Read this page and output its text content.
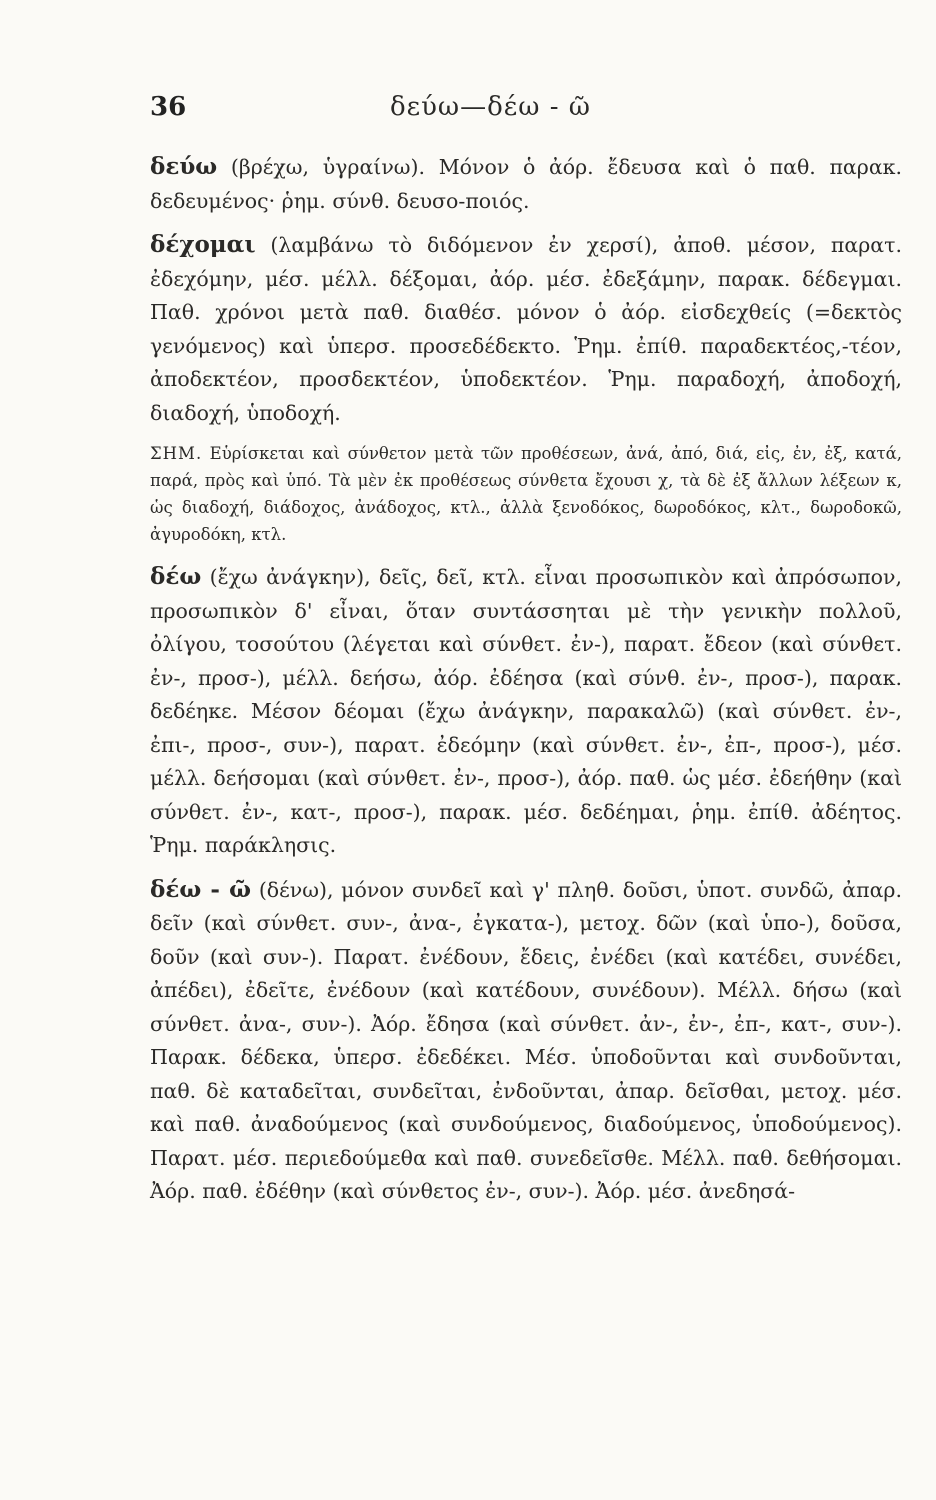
36	δεύω—δέω - ῶ

δεύω (βρέχω, ὑγραίνω). Μόνον ὁ ἀόρ. ἔδευσα καὶ ὁ παθ. παρακ. δεδευμένος· ῥημ. σύνθ. δευσο-ποιός.

δέχομαι (λαμβάνω τὸ διδόμενον ἐν χερσί), ἀποθ. μέσον, παρατ. ἐδεχόμην, μέσ. μέλλ. δέξομαι, ἀόρ. μέσ. ἐδεξάμην, παρακ. δέδεγμαι. Παθ. χρόνοι μετὰ παθ. διαθέσ. μόνον ὁ ἀόρ. εἰσδεχθείς (=δεκτὸς γενόμενος) καὶ ὑπερσ. προσεδέδεκτο. Ῥημ. ἐπίθ. παραδεκτέος,-τέον, ἀποδεκτέον, προσδεκτέον, ὑποδεκτέον. Ῥημ. παραδοχή, ἀποδοχή, διαδοχή, ὑποδοχή.

ΣΗΜ. Εὑρίσκεται καὶ σύνθετον μετὰ τῶν προθέσεων, ἀνά, ἀπό, διά, εἰς, ἐν, ἐξ, κατά, παρά, πρὸς καὶ ὑπό. Τὰ μὲν ἐκ προθέσεως σύνθετα ἔχουσι χ, τὰ δὲ ἐξ ἄλλων λέξεων κ, ὡς διαδοχή, διάδοχος, ἀνάδοχος, κτλ., ἀλλὰ ξενοδόκος, δωροδόκος, κλτ., δωροδοκῶ, ἀγυροδόκη, κτλ.

δέω (ἔχω ἀνάγκην), δεῖς, δεῖ, κτλ. εἶναι προσωπικὸν καὶ ἀπρόσωπον, προσωπικὸν δ' εἶναι, ὅταν συντάσσηται μὲ τὴν γενικὴν πολλοῦ, ὀλίγου, τοσούτου (λέγεται καὶ σύνθετ. ἐν-), παρατ. ἔδεον (καὶ σύνθετ. ἐν-, προσ-), μέλλ. δεήσω, ἀόρ. ἐδέησα (καὶ σύνθ. ἐν-, προσ-), παρακ. δεδέηκε. Μέσον δέομαι (ἔχω ἀνάγκην, παρακαλῶ) (καὶ σύνθετ. ἐν-, ἐπι-, προσ-, συν-), παρατ. ἐδεόμην (καὶ σύνθετ. ἐν-, ἐπ-, προσ-), μέσ. μέλλ. δεήσομαι (καὶ σύνθετ. ἐν-, προσ-), ἀόρ. παθ. ὡς μέσ. ἐδεήθην (καὶ σύνθετ. ἐν-, κατ-, προσ-), παρακ. μέσ. δεδέημαι, ῥημ. ἐπίθ. ἀδέητος. Ῥημ. παράκλησις.

δέω - ῶ (δένω), μόνον συνδεῖ καὶ γ' πληθ. δοῦσι, ὑποτ. συνδῶ, ἀπαρ. δεῖν (καὶ σύνθετ. συν-, ἀνα-, ἐγκατα-), μετοχ. δῶν (καὶ ὑπο-), δοῦσα, δοῦν (καὶ συν-). Παρατ. ἐνέδουν, ἔδεις, ἐνέδει (καὶ κατέδει, συνέδει, ἀπέδει), ἐδεῖτε, ἐνέδουν (καὶ κατέδουν, συνέδουν). Μέλλ. δήσω (καὶ σύνθετ. ἀνα-, συν-). Ἀόρ. ἔδησα (καὶ σύνθετ. ἀν-, ἐν-, ἐπ-, κατ-, συν-). Παρακ. δέδεκα, ὑπερσ. ἐδεδέκει. Μέσ. ὑποδοῦνται καὶ συνδοῦνται, παθ. δὲ καταδεῖται, συνδεῖται, ἐνδοῦνται, ἀπαρ. δεῖσθαι, μετοχ. μέσ. καὶ παθ. ἀναδούμενος (καὶ συνδούμενος, διαδούμενος, ὑποδούμενος). Παρατ. μέσ. περιεδούμεθα καὶ παθ. συνεδεῖσθε. Μέλλ. παθ. δεθήσομαι. Ἀόρ. παθ. ἐδέθην (καὶ σύνθετος ἐν-, συν-). Ἀόρ. μέσ. ἀνεδησά-
